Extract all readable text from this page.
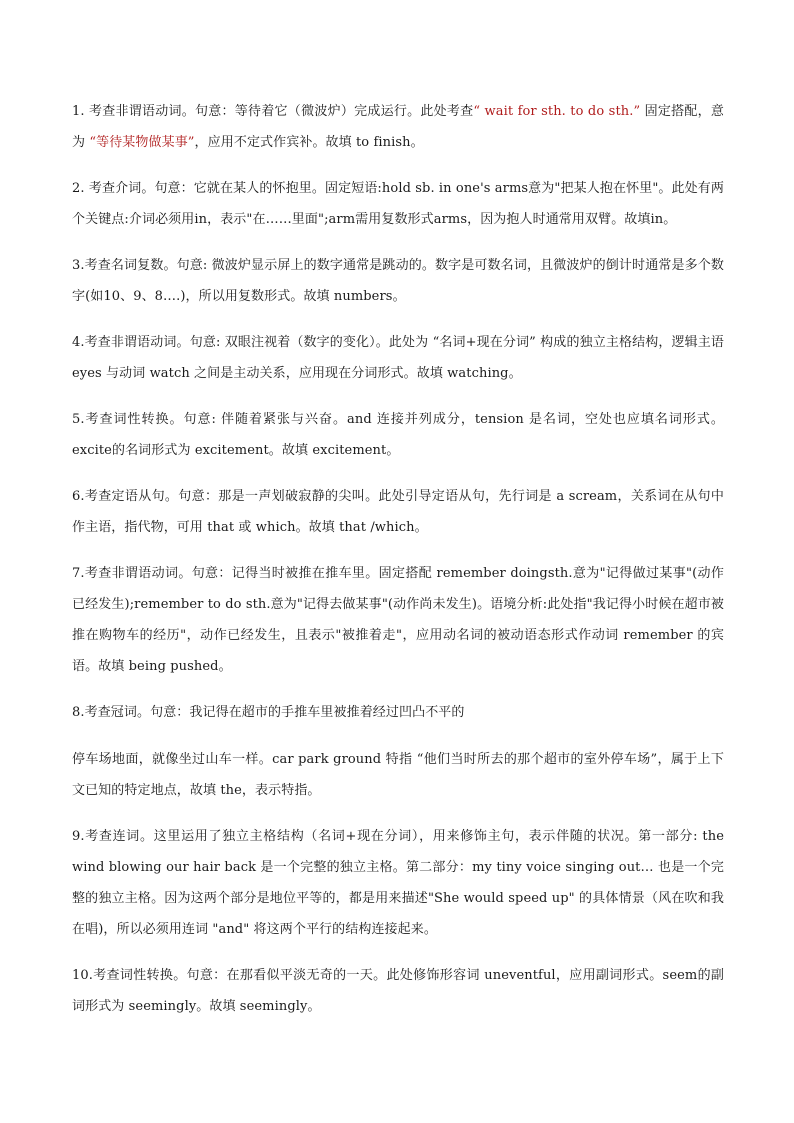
1. 考查非谓语动词。句意：等待着它（微波炉）完成运行。此处考查“ wait for sth. to do sth.” 固定搭配，意为 “等待某物做某事”，应用不定式作宾补。故填 to finish。

2. 考查介词。句意：它就在某人的怀抱里。固定短语:hold sb. in one's arms意为"把某人抱在怀里"。此处有两个关键点:介词必须用in，表示"在……里面";arm需用复数形式arms，因为抱人时通常用双臂。故填in。

3.考查名词复数。句意: 微波炉显示屏上的数字通常是跳动的。数字是可数名词，且微波炉的倒计时通常是多个数字(如10、9、8….)，所以用复数形式。故填 numbers。

4.考查非谓语动词。句意: 双眼注视着（数字的变化）。此处为 “名词+现在分词” 构成的独立主格结构，逻辑主语 eyes 与动词 watch 之间是主动关系，应用现在分词形式。故填 watching。

5.考查词性转换。句意: 伴随着紧张与兴奋。and 连接并列成分，tension 是名词，空处也应填名词形式。excite的名词形式为 excitement。故填 excitement。

6.考查定语从句。句意：那是一声划破寂静的尖叫。此处引导定语从句，先行词是 a scream，关系词在从句中作主语，指代物，可用 that 或 which。故填 that /which。

7.考查非谓语动词。句意：记得当时被推在推车里。固定搭配 remember doingsth.意为"记得做过某事"(动作已经发生);remember to do sth.意为"记得去做某事"(动作尚未发生)。语境分析:此处指"我记得小时候在超市被推在购物车的经历"，动作已经发生，且表示"被推着走"，应用动名词的被动语态形式作动词 remember 的宾语。故填 being pushed。

8.考查冠词。句意：我记得在超市的手推车里被推着经过凹凸不平的

停车场地面，就像坐过山车一样。car park ground 特指 “他们当时所去的那个超市的室外停车场”，属于上下文已知的特定地点，故填 the，表示特指。

9.考查连词。这里运用了独立主格结构（名词+现在分词），用来修饰主句，表示伴随的状况。第一部分: the wind blowing our hair back 是一个完整的独立主格。第二部分：my tiny voice singing out… 也是一个完整的独立主格。因为这两个部分是地位平等的，都是用来描述"She would speed up" 的具体情景（风在吹和我在唱)，所以必须用连词 "and" 将这两个平行的结构连接起来。

10.考查词性转换。句意：在那看似平淡无奇的一天。此处修饰形容词 uneventful，应用副词形式。seem的副词形式为 seemingly。故填 seemingly。
